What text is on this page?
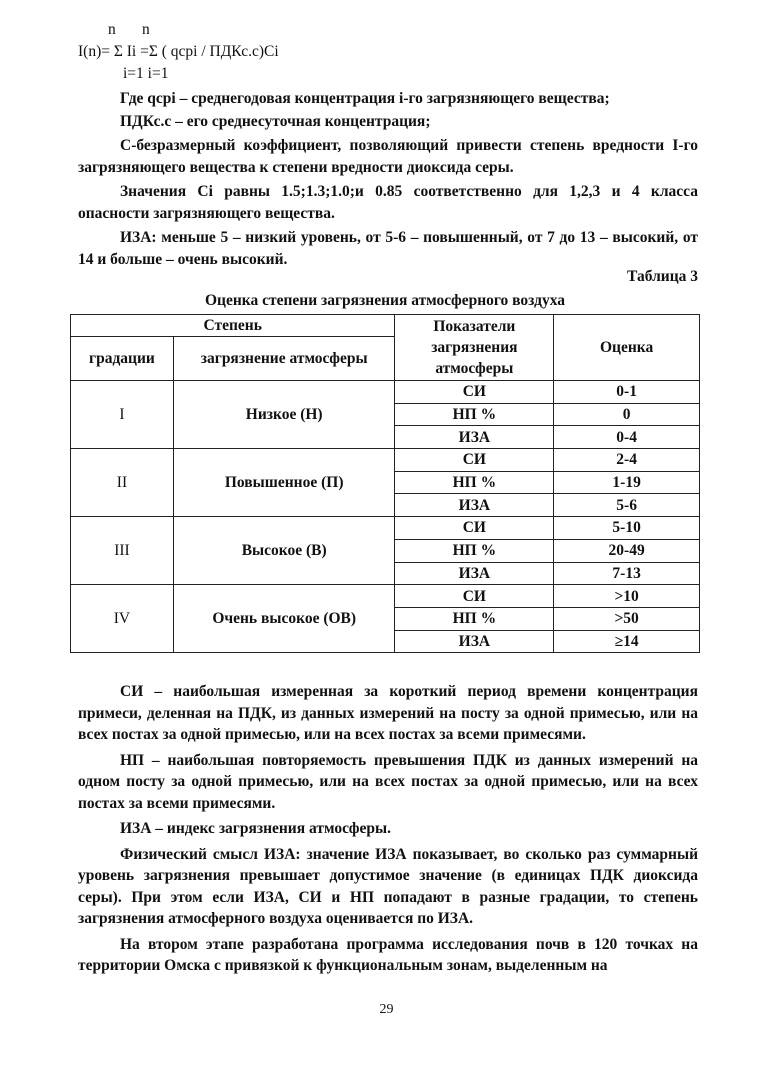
n n
I(n)= Σ Ii =Σ ( qcpi / ПДКс.с)Ci
i=1 i=1

Где qcpi – среднегодовая концентрация i-го загрязняющего вещества;

ПДКс.с – его среднесуточная концентрация;

С-безразмерный коэффициент, позволяющий привести степень вредности I-го загрязняющего вещества к степени вредности диоксида серы.

Значения Ci равны 1.5;1.3;1.0;и 0.85 соответственно для 1,2,3 и 4 класса опасности загрязняющего вещества.

ИЗА: меньше 5 – низкий уровень, от 5-6 – повышенный, от 7 до 13 – высокий, от 14 и больше – очень высокий.

Таблица 3
Оценка степени загрязнения атмосферного воздуха
Степень		Показатели загрязнения атмосферы	Оценка
градации	загрязнение атмосферы		
I	Низкое (Н)	СИ	0-1
		НП %	0
		ИЗА	0-4
II	Повышенное (П)	СИ	2-4
		НП %	1-19
		ИЗА	5-6
III	Высокое (В)	СИ	5-10
		НП %	20-49
		ИЗА	7-13
IV	Очень высокое (ОВ)	СИ	>10
		НП %	>50
		ИЗА	≥14

СИ – наибольшая измеренная за короткий период времени концентрация примеси, деленная на ПДК, из данных измерений на посту за одной примесью, или на всех постах за одной примесью, или на всех постах за всеми примесями.

НП – наибольшая повторяемость превышения ПДК из данных измерений на одном посту за одной примесью, или на всех постах за одной примесью, или на всех постах за всеми примесями.

ИЗА – индекс загрязнения атмосферы.

Физический смысл ИЗА: значение ИЗА показывает, во сколько раз суммарный уровень загрязнения превышает допустимое значение (в единицах ПДК диоксида серы). При этом если ИЗА, СИ и НП попадают в разные градации, то степень загрязнения атмосферного воздуха оценивается по ИЗА.

На втором этапе разработана программа исследования почв в 120 точках на территории Омска с привязкой к функциональным зонам, выделенным на

29
